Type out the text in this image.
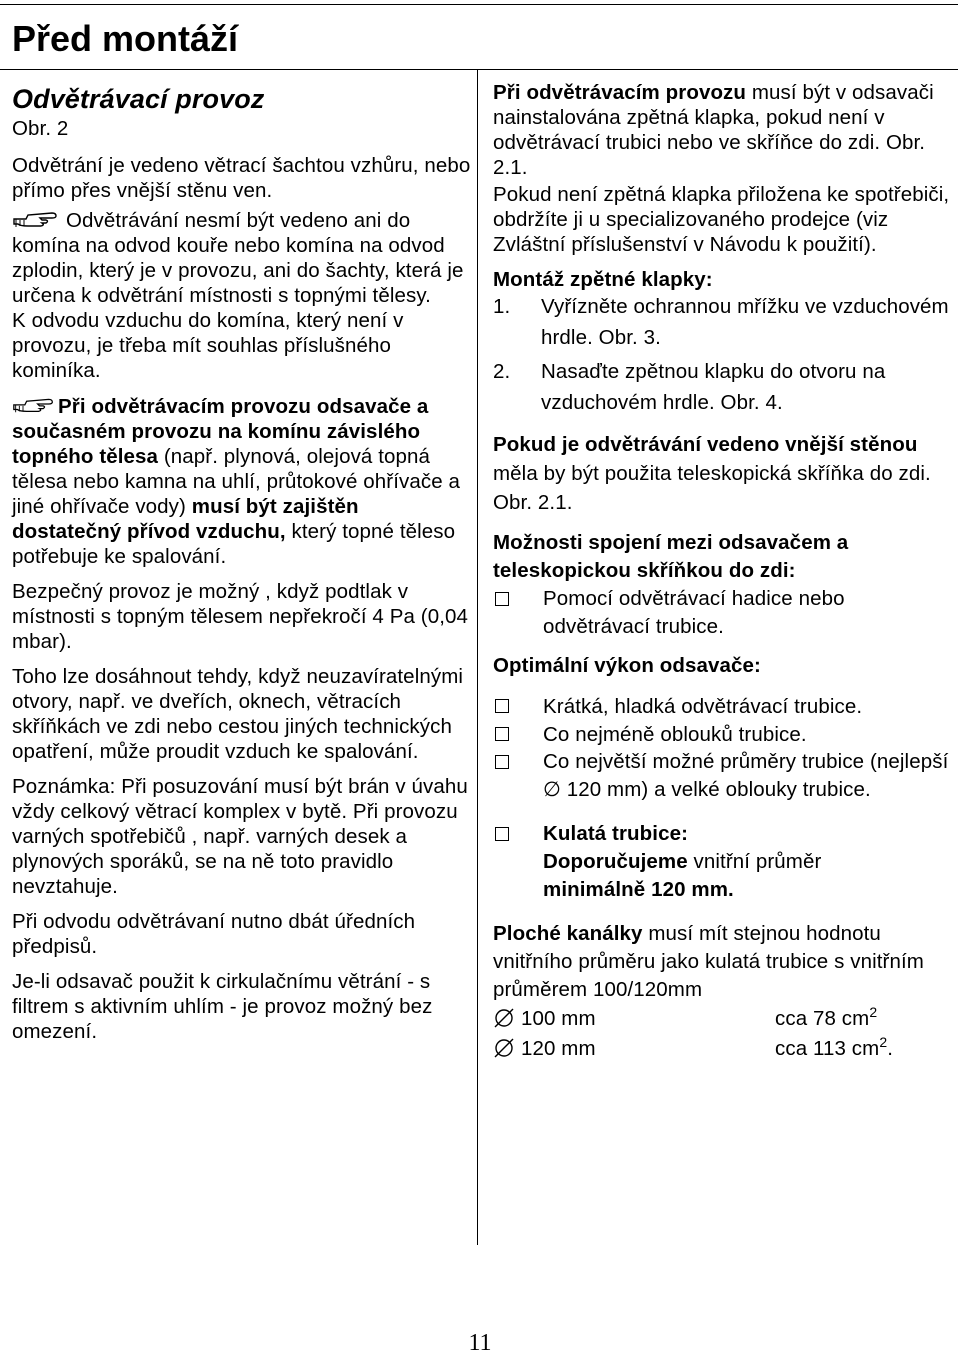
Před montáží
Odvětrávací provoz

Obr. 2

Odvětrání je vedeno větrací šachtou vzhůru, nebo přímo přes vnější stěnu ven.

Odvětrávání nesmí být vedeno ani do komína na odvod kouře nebo komína na odvod zplodin, který je v provozu, ani do šachty, která je určena k odvětrání místnosti s topnými tělesy.

K odvodu vzduchu do komína, který není v provozu, je třeba mít souhlas příslušného kominíka.

Při odvětrávacím provozu odsavače a současném provozu na komínu závislého topného tělesa (např. plynová, olejová topná tělesa nebo kamna na uhlí, průtokové ohřívače a jiné ohřívače vody) musí být zajištěn dostatečný přívod vzduchu, který topné těleso potřebuje ke spalování.

Bezpečný provoz je možný , když podtlak v místnosti s topným tělesem nepřekročí 4 Pa (0,04 mbar).

Toho lze dosáhnout tehdy, když neuzavíratelnými otvory, např. ve dveřích, oknech, větracích skříňkách ve zdi nebo cestou jiných technických opatření, může proudit vzduch ke spalování.

Poznámka: Při posuzování musí být brán v úvahu vždy celkový větrací komplex v bytě. Při provozu varných spotřebičů , např. varných desek a plynových sporáků, se na ně toto pravidlo nevztahuje.

Při odvodu odvětrávaní nutno dbát úředních předpisů.

Je-li odsavač použit k cirkulačnímu větrání - s filtrem s aktivním uhlím - je provoz možný bez omezení.

Při odvětrávacím provozu musí být v odsavači nainstalována zpětná klapka, pokud není v odvětrávací trubici nebo ve skříňce do zdi. Obr. 2.1.

Pokud není zpětná klapka přiložena ke spotřebiči, obdržíte ji u specializovaného prodejce (viz Zvláštní příslušenství v Návodu k použití).

Montáž zpětné klapky:

1.	Vyřízněte ochrannou mřížku ve vzduchovém hrdle. Obr. 3.
2.	Nasaďte zpětnou klapku do otvoru na vzduchovém hrdle. Obr. 4.

Pokud je odvětrávání vedeno vnější stěnou měla by být použita teleskopická skříňka do zdi. Obr. 2.1.

Možnosti spojení mezi odsavačem a teleskopickou skříňkou do zdi:

Pomocí odvětrávací hadice nebo odvětrávací trubice.

Optimální výkon odsavače:

Krátká, hladká odvětrávací trubice.
Co nejméně oblouků trubice.
Co největší možné průměry trubice (nejlepší ∅ 120 mm) a velké oblouky trubice.
Kulatá trubice:
Doporučujeme vnitřní průměr
minimálně 120 mm.

Ploché kanálky musí mít stejnou hodnotu vnitřního průměru jako kulatá trubice s vnitřním průměrem 100/120mm

100 mm	cca 78 $cm^2$
120 mm	cca 113 $cm^2$.
11
